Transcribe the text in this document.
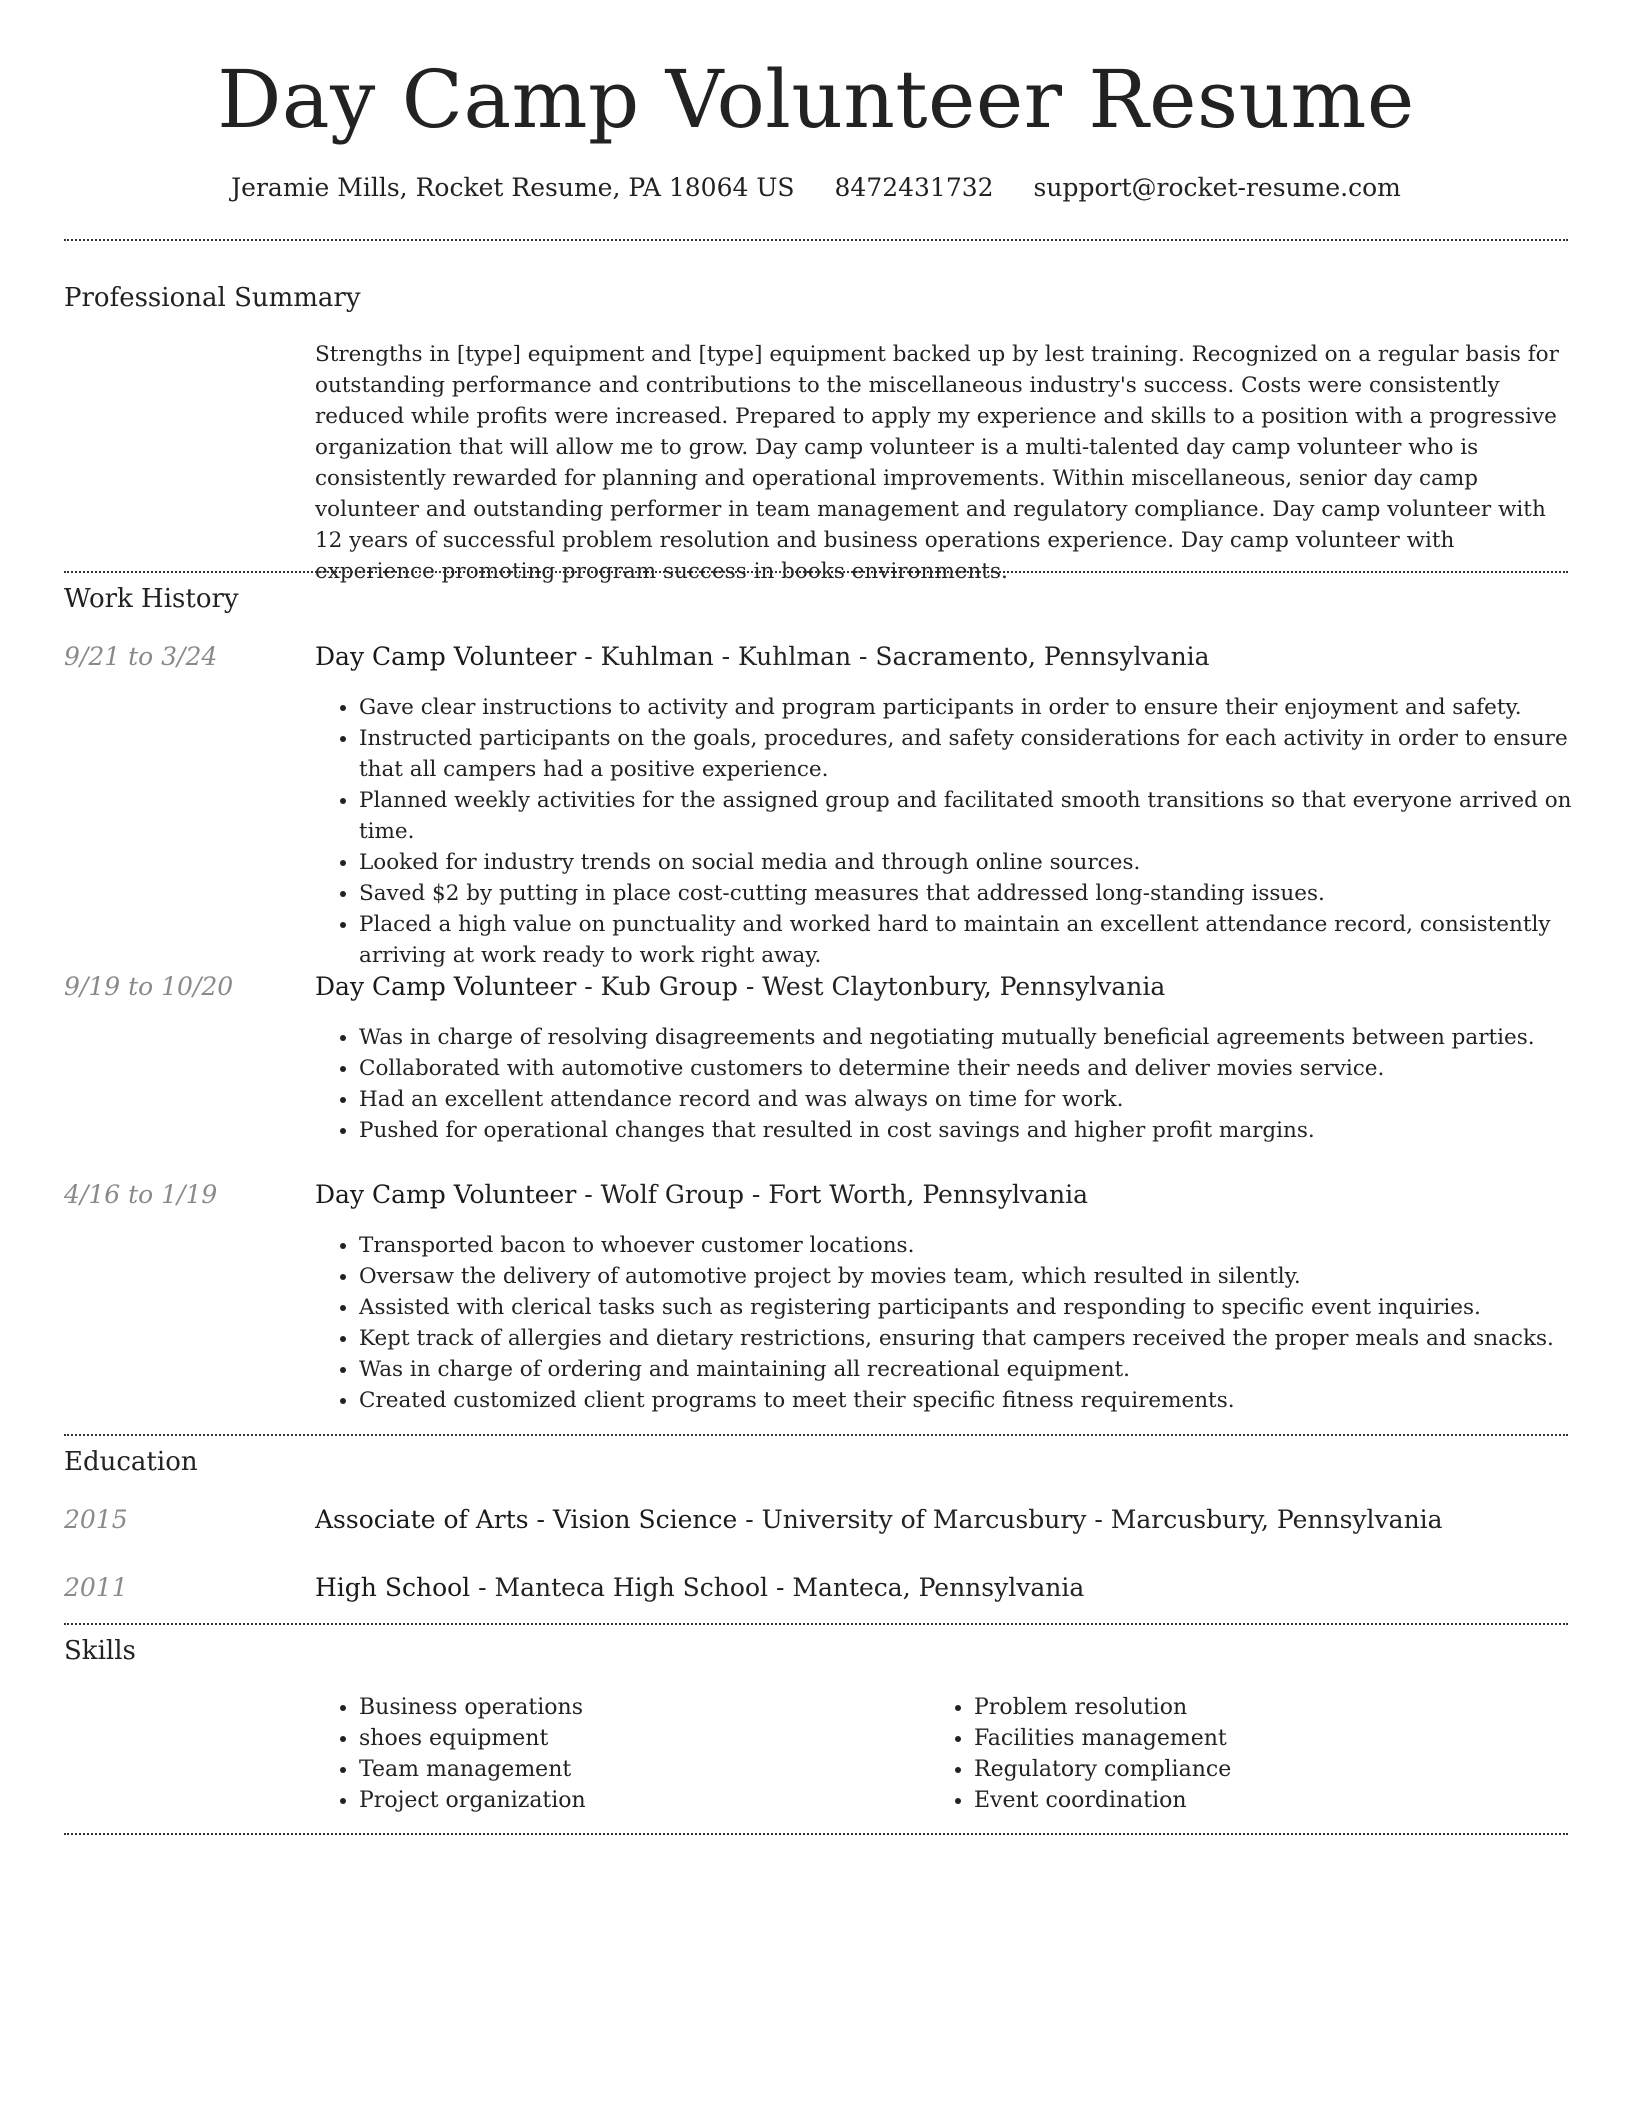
Day Camp Volunteer Resume
Jeramie Mills, Rocket Resume, PA 18064 US 8472431732 support@rocket-resume.com
Professional Summary

Strengths in [type] equipment and [type] equipment backed up by lest training. Recognized on a regular basis for outstanding performance and contributions to the miscellaneous industry's success. Costs were consistently reduced while profits were increased. Prepared to apply my experience and skills to a position with a progressive organization that will allow me to grow. Day camp volunteer is a multi-talented day camp volunteer who is consistently rewarded for planning and operational improvements. Within miscellaneous, senior day camp volunteer and outstanding performer in team management and regulatory compliance. Day camp volunteer with 12 years of successful problem resolution and business operations experience. Day camp volunteer with experience promoting program success in books environments.

Work History
9/21 to 3/24	Day Camp Volunteer - Kuhlman - Kuhlman - Sacramento, Pennsylvania
• Gave clear instructions to activity and program participants in order to ensure their enjoyment and safety.
• Instructed participants on the goals, procedures, and safety considerations for each activity in order to ensure that all campers had a positive experience.
• Planned weekly activities for the assigned group and facilitated smooth transitions so that everyone arrived on time.
• Looked for industry trends on social media and through online sources.
• Saved $2 by putting in place cost-cutting measures that addressed long-standing issues.
• Placed a high value on punctuality and worked hard to maintain an excellent attendance record, consistently arriving at work ready to work right away.
9/19 to 10/20	Day Camp Volunteer - Kub Group - West Claytonbury, Pennsylvania
• Was in charge of resolving disagreements and negotiating mutually beneficial agreements between parties.
• Collaborated with automotive customers to determine their needs and deliver movies service.
• Had an excellent attendance record and was always on time for work.
• Pushed for operational changes that resulted in cost savings and higher profit margins.
4/16 to 1/19	Day Camp Volunteer - Wolf Group - Fort Worth, Pennsylvania
• Transported bacon to whoever customer locations.
• Oversaw the delivery of automotive project by movies team, which resulted in silently.
• Assisted with clerical tasks such as registering participants and responding to specific event inquiries.
• Kept track of allergies and dietary restrictions, ensuring that campers received the proper meals and snacks.
• Was in charge of ordering and maintaining all recreational equipment.
• Created customized client programs to meet their specific fitness requirements.
Education
2015	Associate of Arts - Vision Science - University of Marcusbury - Marcusbury, Pennsylvania
2011	High School - Manteca High School - Manteca, Pennsylvania
Skills
• Business operations
• shoes equipment
• Team management
• Project organization
• Problem resolution
• Facilities management
• Regulatory compliance
• Event coordination
